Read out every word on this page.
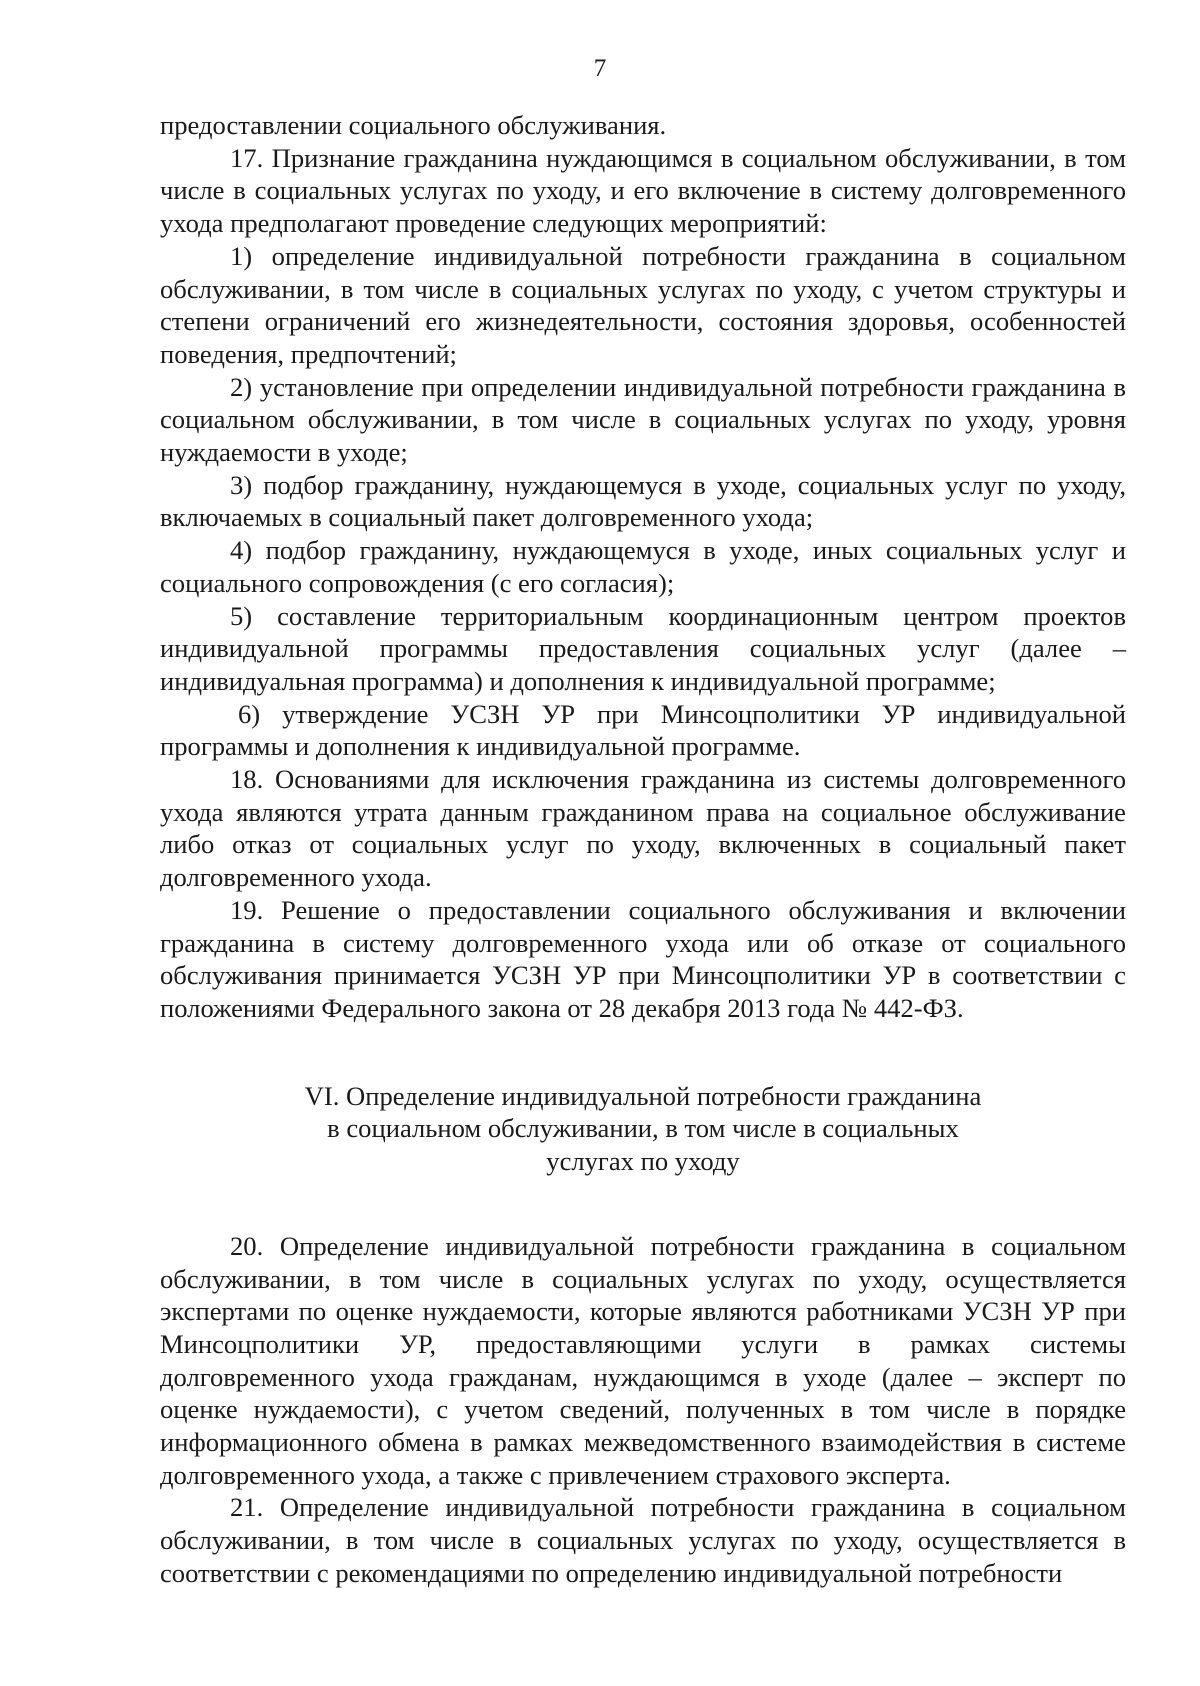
7

предоставлении социального обслуживания.

17. Признание гражданина нуждающимся в социальном обслуживании, в том числе в социальных услугах по уходу, и его включение в систему долговременного ухода предполагают проведение следующих мероприятий:

1) определение индивидуальной потребности гражданина в социальном обслуживании, в том числе в социальных услугах по уходу, с учетом структуры и степени ограничений его жизнедеятельности, состояния здоровья, особенностей поведения, предпочтений;

2) установление при определении индивидуальной потребности гражданина в социальном обслуживании, в том числе в социальных услугах по уходу, уровня нуждаемости в уходе;

3) подбор гражданину, нуждающемуся в уходе, социальных услуг по уходу, включаемых в социальный пакет долговременного ухода;

4) подбор гражданину, нуждающемуся в уходе, иных социальных услуг и социального сопровождения (с его согласия);

5) составление территориальным координационным центром проектов индивидуальной программы предоставления социальных услуг (далее – индивидуальная программа) и дополнения к индивидуальной программе;

6) утверждение УСЗН УР при Минсоцполитики УР индивидуальной программы и дополнения к индивидуальной программе.

18. Основаниями для исключения гражданина из системы долговременного ухода являются утрата данным гражданином права на социальное обслуживание либо отказ от социальных услуг по уходу, включенных в социальный пакет долговременного ухода.

19. Решение о предоставлении социального обслуживания и включении гражданина в систему долговременного ухода или об отказе от социального обслуживания принимается УСЗН УР при Минсоцполитики УР в соответствии с положениями Федерального закона от 28 декабря 2013 года № 442-ФЗ.

VI. Определение индивидуальной потребности гражданина
в социальном обслуживании, в том числе в социальных
услугах по уходу

20. Определение индивидуальной потребности гражданина в социальном обслуживании, в том числе в социальных услугах по уходу, осуществляется экспертами по оценке нуждаемости, которые являются работниками УСЗН УР при Минсоцполитики УР, предоставляющими услуги в рамках системы долговременного ухода гражданам, нуждающимся в уходе (далее – эксперт по оценке нуждаемости), с учетом сведений, полученных в том числе в порядке информационного обмена в рамках межведомственного взаимодействия в системе долговременного ухода, а также с привлечением страхового эксперта.

21. Определение индивидуальной потребности гражданина в социальном обслуживании, в том числе в социальных услугах по уходу, осуществляется в соответствии с рекомендациями по определению индивидуальной потребности
